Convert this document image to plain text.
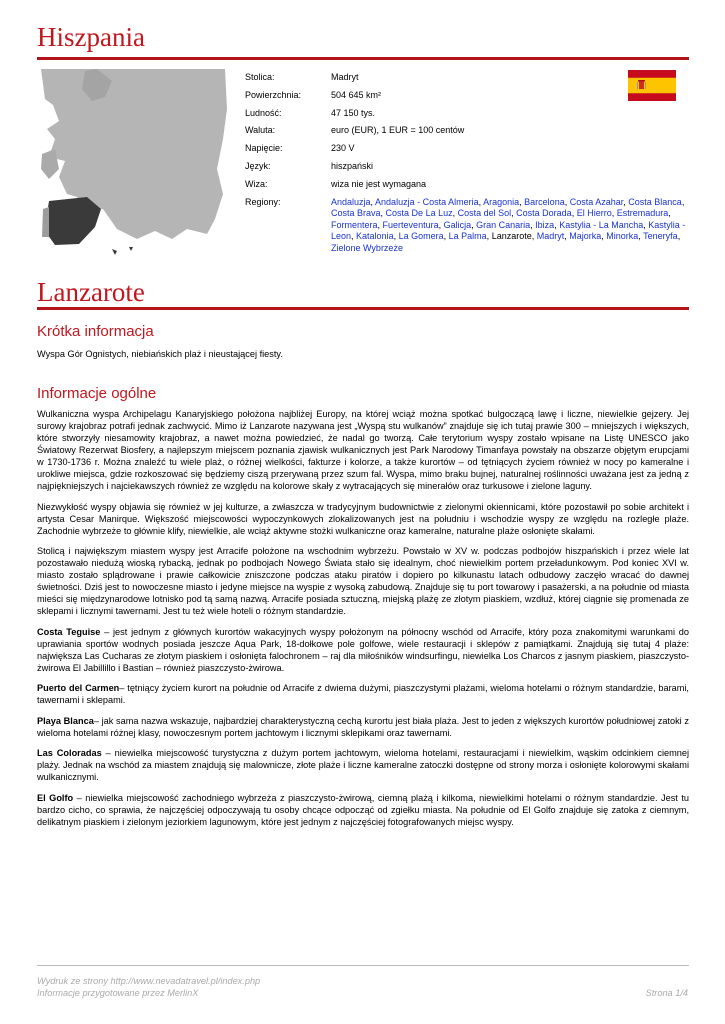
Hiszpania
Stolica:	Madryt
Powierzchnia:	504 645 km²
Ludność:	47 150 tys.
Waluta:	euro (EUR), 1 EUR = 100 centów
Napięcie:	230 V
Język:	hiszpański
Wiza:	wiza nie jest wymagana
Regiony:	Andaluzja, Andaluzja - Costa Almeria, Aragonia, Barcelona, Costa Azahar, Costa Blanca, Costa Brava, Costa De La Luz, Costa del Sol, Costa Dorada, El Hierro, Estremadura, Formentera, Fuerteventura, Galicja, Gran Canaria, Ibiza, Kastylia - La Mancha, Kastylia - Leon, Katalonia, La Gomera, La Palma, Lanzarote, Madryt, Majorka, Minorka, Teneryfa, Zielone Wybrzeże
Lanzarote
Krótka informacja
Wyspa Gór Ognistych, niebiańskich plaż i nieustającej fiesty.
Informacje ogólne

Wulkaniczna wyspa Archipelagu Kanaryjskiego położona najbliżej Europy, na której wciąż można spotkać bulgoczącą lawę i liczne, niewielkie gejzery. Jej surowy krajobraz potrafi jednak zachwycić. Mimo iż Lanzarote nazywana jest „Wyspą stu wulkanów” znajduje się ich tutaj prawie 300 – mniejszych i większych, które stworzyły niesamowity krajobraz, a nawet można powiedzieć, że nadal go tworzą. Całe terytorium wyspy zostało wpisane na Listę UNESCO jako Światowy Rezerwat Biosfery, a najlepszym miejscem poznania zjawisk wulkanicznych jest Park Narodowy Timanfaya powstały na obszarze objętym erupcjami w 1730-1736 r. Można znaleźć tu wiele plaż, o różnej wielkości, fakturze i kolorze, a także kurortów – od tętniących życiem również w nocy po kameralne i urokliwe miejsca, gdzie rozkoszować się będziemy ciszą przerywaną przez szum fal. Wyspa, mimo braku bujnej, naturalnej roślinności uważana jest za jedną z najpiękniejszych i najciekawszych również ze względu na kolorowe skały z wytracających się minerałów oraz turkusowe i zielone laguny.

Niezwykłość wyspy objawia się również w jej kulturze, a zwłaszcza w tradycyjnym budownictwie z zielonymi okiennicami, które pozostawił po sobie architekt i artysta Cesar Manirque. Większość miejscowości wypoczynkowych zlokalizowanych jest na południu i wschodzie wyspy ze względu na rozległe plaże. Zachodnie wybrzeże to głównie klify, niewielkie, ale wciąż aktywne stożki wulkaniczne oraz kameralne, naturalne plaże osłonięte skałami.

Stolicą i największym miastem wyspy jest Arracife położone na wschodnim wybrzeżu. Powstało w XV w. podczas podbojów hiszpańskich i przez wiele lat pozostawało niedużą wioską rybacką, jednak po podbojach Nowego Świata stało się idealnym, choć niewielkim portem przeładunkowym. Pod koniec XVI w. miasto zostało splądrowane i prawie całkowicie zniszczone podczas ataku piratów i dopiero po kilkunastu latach odbudowy zaczęło wracać do dawnej świetności. Dziś jest to nowoczesne miasto i jedyne miejsce na wyspie z wysoką zabudową. Znajduje się tu port towarowy i pasażerski, a na południe od miasta mieści się międzynarodowe lotnisko pod tą samą nazwą. Arracife posiada sztuczną, miejską plażę ze złotym piaskiem, wzdłuż, której ciągnie się promenada ze sklepami i licznymi tawernami. Jest tu też wiele hoteli o różnym standardzie.

Costa Teguise – jest jednym z głównych kurortów wakacyjnych wyspy położonym na północny wschód od Arracife, który poza znakomitymi warunkami do uprawiania sportów wodnych posiada jeszcze Aqua Park, 18-dołkowe pole golfowe, wiele restauracji i sklepów z pamiątkami. Znajdują się tutaj 4 plaże: największa Las Cucharas ze złotym piaskiem i osłonięta falochronem – raj dla miłośników windsurfingu, niewielka Los Charcos z jasnym piaskiem, piaszczysto-żwirowa El Jabillillo i Bastian – również piaszczysto-żwirowa.

Puerto del Carmen– tętniący życiem kurort na południe od Arracife z dwiema dużymi, piaszczystymi plażami, wieloma hotelami o różnym standardzie, barami, tawernami i sklepami.

Playa Blanca– jak sama nazwa wskazuje, najbardziej charakterystyczną cechą kurortu jest biała plaża. Jest to jeden z większych kurortów południowej zatoki z wieloma hotelami różnej klasy, nowoczesnym portem jachtowym i licznymi sklepikami oraz tawernami.

Las Coloradas – niewielka miejscowość turystyczna z dużym portem jachtowym, wieloma hotelami, restauracjami i niewielkim, wąskim odcinkiem ciemnej plaży. Jednak na wschód za miastem znajdują się malownicze, złote plaże i liczne kameralne zatoczki dostępne od strony morza i osłonięte kolorowymi skałami wulkanicznymi.

El Golfo – niewielka miejscowość zachodniego wybrzeża z piaszczysto-żwirową, ciemną plażą i kilkoma, niewielkimi hotelami o różnym standardzie. Jest tu bardzo cicho, co sprawia, że najczęściej odpoczywają tu osoby chcące odpocząć od zgiełku miasta. Na południe od El Golfo znajduje się zatoka z ciemnym, delikatnym piaskiem i zielonym jeziorkiem lagunowym, które jest jednym z najczęściej fotografowanych miejsc wyspy.

Wydruk ze strony http://www.nevadatravel.pl/index.php
Informacje przygotowane przez MerlinX	Strona 1/4
